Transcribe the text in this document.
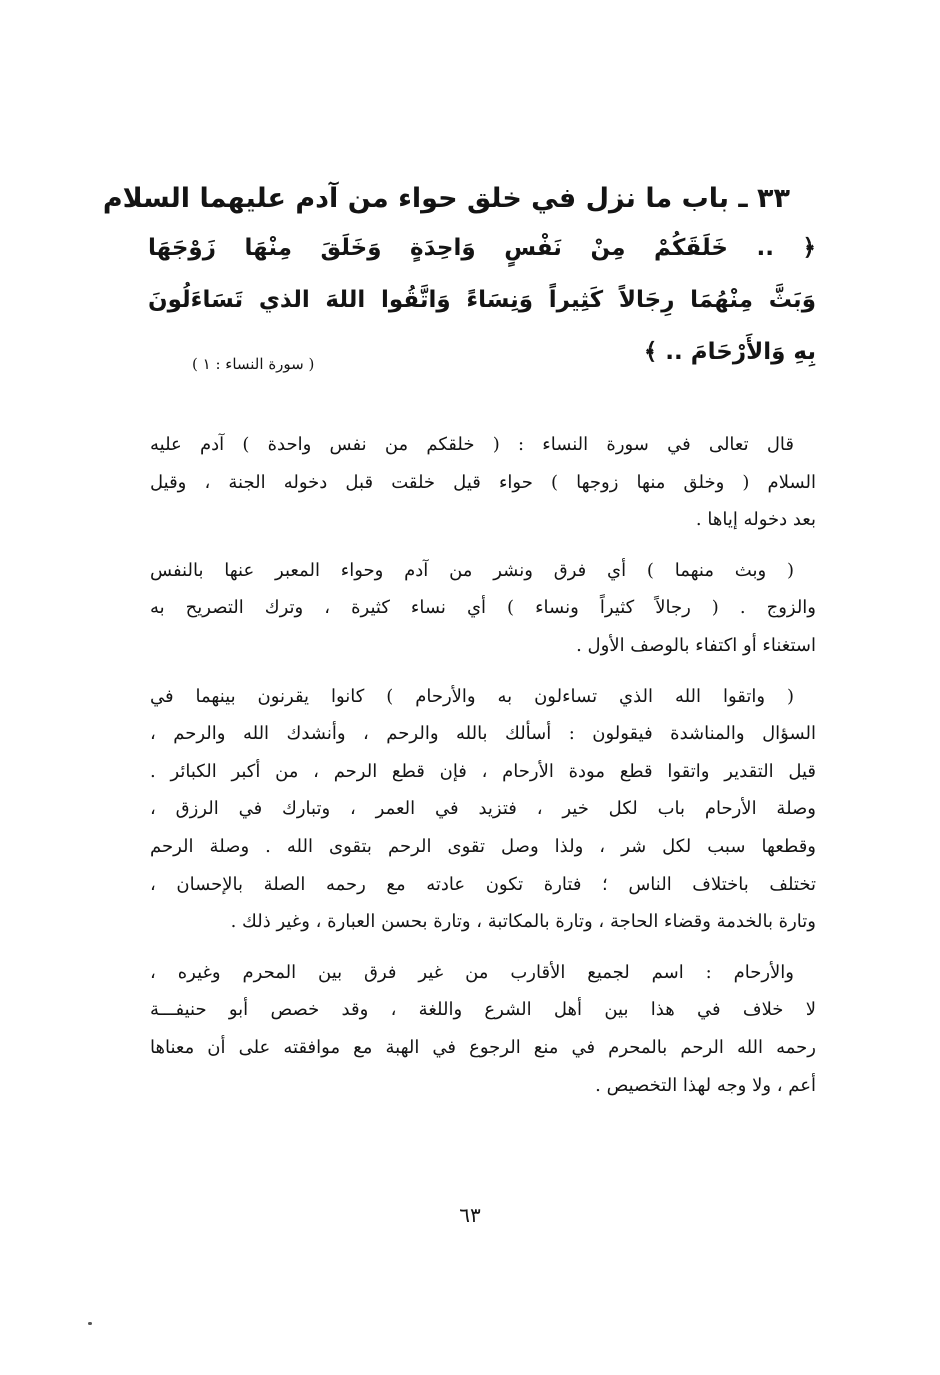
٣٣ ـ باب ما نزل في خلق حواء من آدم عليهما السلام
﴿ .. خَلَقَكُمْ مِنْ نَفْسٍ وَاحِدَةٍ وَخَلَقَ مِنْهَا زَوْجَهَا
وَبَثَّ مِنْهُمَا رِجَالاً كَثِيراً وَنِسَاءً وَاتَّقُوا اللهَ الذي تَسَاءَلُونَ
بِهِ وَالأَرْحَامَ .. ﴾
( سورة النساء : ١ )
قال تعالى في سورة النساء : ( خلقكم من نفس واحدة ) آدم عليه
السلام ( وخلق منها زوجها ) حواء قيل خلقت قبل دخوله الجنة ، وقيل
بعد دخوله إياها .
( وبث منهما ) أي فرق ونشر من آدم وحواء المعبر عنها بالنفس
والزوج . ( رجالاً كثيراً ونساء ) أي نساء كثيرة ، وترك التصريح به
استغناء أو اكتفاء بالوصف الأول .
( واتقوا الله الذي تساءلون به والأرحام ) كانوا يقرنون بينهما في
السؤال والمناشدة فيقولون : أسألك بالله والرحم ، وأنشدك الله والرحم ،
قيل التقدير واتقوا قطع مودة الأرحام ، فإن قطع الرحم ، من أكبر الكبائر .
وصلة الأرحام باب لكل خير ، فتزيد في العمر ، وتبارك في الرزق ،
وقطعها سبب لكل شر ، ولذا وصل تقوى الرحم بتقوى الله . وصلة الرحم
تختلف باختلاف الناس ؛ فتارة تكون عادته مع رحمه الصلة بالإحسان ،
وتارة بالخدمة وقضاء الحاجة ، وتارة بالمكاتبة ، وتارة بحسن العبارة ، وغير ذلك .
والأرحام : اسم لجميع الأقارب من غير فرق بين المحرم وغيره ،
لا خلاف في هذا بين أهل الشرع واللغة ، وقد خصص أبو حنيفـــة
رحمه الله الرحم بالمحرم في منع الرجوع في الهبة مع موافقته على أن معناها
أعم ، ولا وجه لهذا التخصيص .
٦٣
